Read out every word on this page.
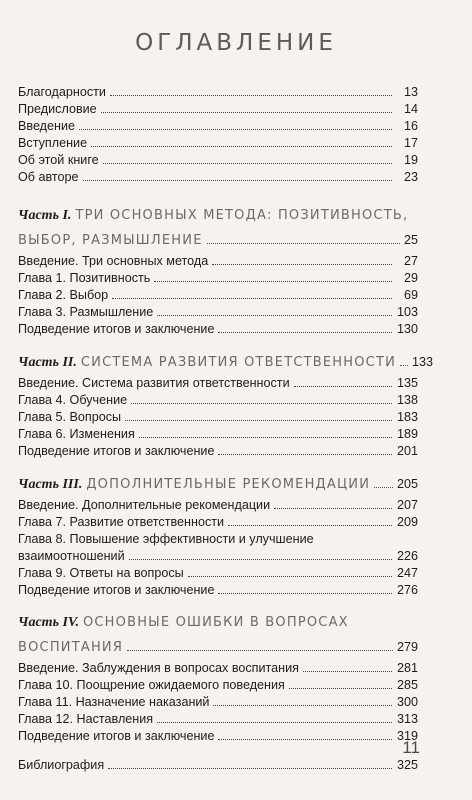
ОГЛАВЛЕНИЕ
Благодарности	13
Предисловие	14
Введение	16
Вступление	17
Об этой книге	19
Об авторе	23
Часть I. ТРИ ОСНОВНЫХ МЕТОДА: ПОЗИТИВНОСТЬ,
ВЫБОР, РАЗМЫШЛЕНИЕ	25
Введение. Три основных метода	27
Глава 1. Позитивность	29
Глава 2. Выбор	69
Глава 3. Размышление	103
Подведение итогов и заключение	130
Часть II. СИСТЕМА РАЗВИТИЯ ОТВЕТСТВЕННОСТИ 133
Введение. Система развития ответственности	135
Глава 4. Обучение	138
Глава 5. Вопросы	183
Глава 6. Изменения	189
Подведение итогов и заключение	201
Часть III. ДОПОЛНИТЕЛЬНЫЕ РЕКОМЕНДАЦИИ 205
Введение. Дополнительные рекомендации	207
Глава 7. Развитие ответственности	209
Глава 8. Повышение эффективности и улучшение
взаимоотношений	226
Глава 9. Ответы на вопросы	247
Подведение итогов и заключение	276
Часть IV. ОСНОВНЫЕ ОШИБКИ В ВОПРОСАХ
ВОСПИТАНИЯ	279
Введение. Заблуждения в вопросах воспитания	281
Глава 10. Поощрение ожидаемого поведения	285
Глава 11. Назначение наказаний	300
Глава 12. Наставления	313
Подведение итогов и заключение	319
Библиография	325
11
